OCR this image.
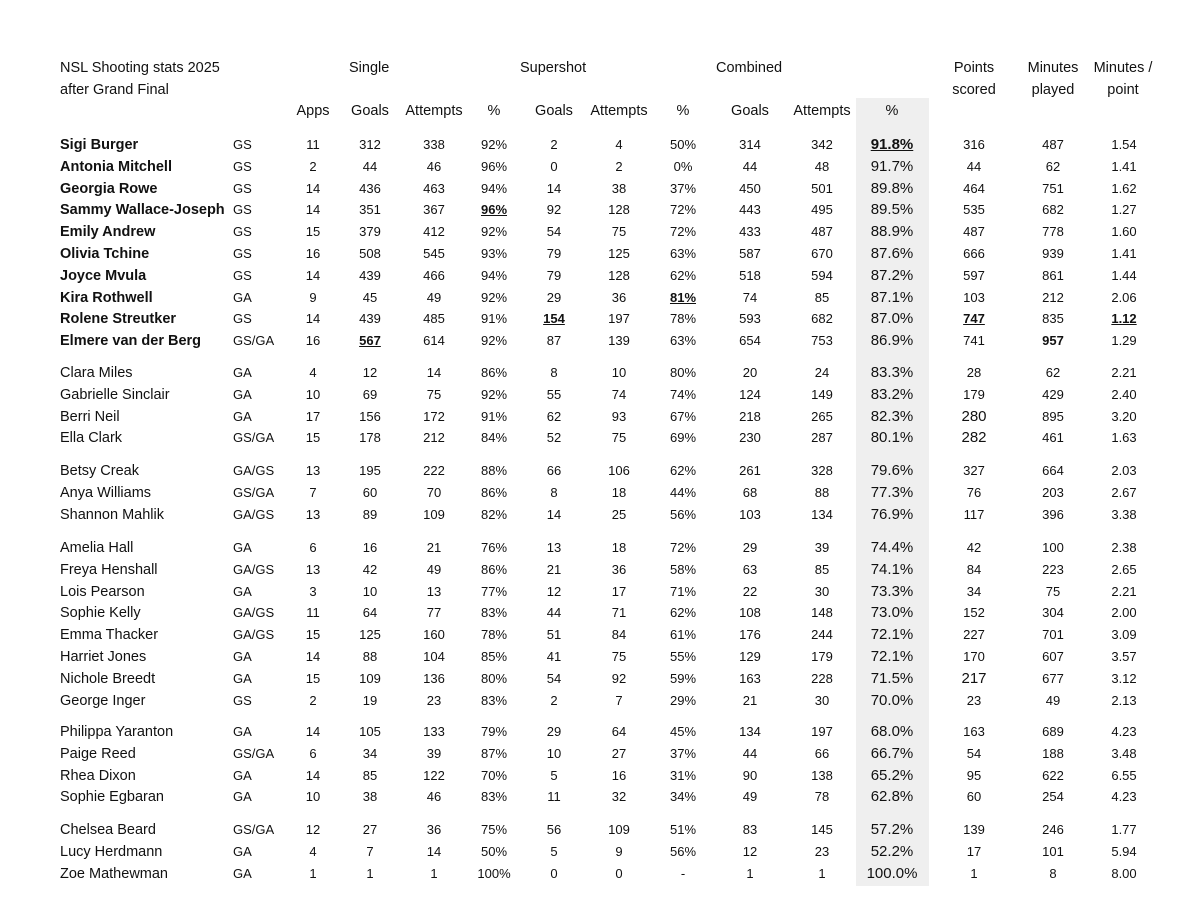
NSL Shooting stats 2025
after Grand Final
Single	Supershot	Combined	Points
scored
Minutes
played
Minutes /
point
Apps	Goals	Attempts	%	Goals	Attempts	%	Goals	Attempts	%
Sigi Burger	GS	11	312	338	92%	2	4	50%	314	342	91.8%	316	487	1.54
Antonia Mitchell	GS	2	44	46	96%	0	2	0%	44	48	91.7%	44	62	1.41
Georgia Rowe	GS	14	436	463	94%	14	38	37%	450	501	89.8%	464	751	1.62
Sammy Wallace-Joseph GS	14	351	367	96%	92	128	72%	443	495	89.5%	535	682	1.27
Emily Andrew	GS	15	379	412	92%	54	75	72%	433	487	88.9%	487	778	1.60
Olivia Tchine	GS	16	508	545	93%	79	125	63%	587	670	87.6%	666	939	1.41
Joyce Mvula	GS	14	439	466	94%	79	128	62%	518	594	87.2%	597	861	1.44
Kira Rothwell	GA	9	45	49	92%	29	36	81%	74	85	87.1%	103	212	2.06
Rolene Streutker	GS	14	439	485	91%	154	197	78%	593	682	87.0%	747	835	1.12
Elmere van der Berg GS/GA	16	567	614	92%	87	139	63%	654	753	86.9%	741	957	1.29
Clara Miles	GA	4	12	14	86%	8	10	80%	20	24	83.3%	28	62	2.21
Gabrielle Sinclair	GA	10	69	75	92%	55	74	74%	124	149	83.2%	179	429	2.40
Berri Neil	GA	17	156	172	91%	62	93	67%	218	265	82.3%	280	895	3.20
Ella Clark	GS/GA	15	178	212	84%	52	75	69%	230	287	80.1%	282	461	1.63
Betsy Creak	GA/GS	13	195	222	88%	66	106	62%	261	328	79.6%	327	664	2.03
Anya Williams	GS/GA	7	60	70	86%	8	18	44%	68	88	77.3%	76	203	2.67
Shannon Mahlik	GA/GS	13	89	109	82%	14	25	56%	103	134	76.9%	117	396	3.38
Amelia Hall	GA	6	16	21	76%	13	18	72%	29	39	74.4%	42	100	2.38
Freya Henshall	GA/GS	13	42	49	86%	21	36	58%	63	85	74.1%	84	223	2.65
Lois Pearson	GA	3	10	13	77%	12	17	71%	22	30	73.3%	34	75	2.21
Sophie Kelly	GA/GS	11	64	77	83%	44	71	62%	108	148	73.0%	152	304	2.00
Emma Thacker	GA/GS	15	125	160	78%	51	84	61%	176	244	72.1%	227	701	3.09
Harriet Jones	GA	14	88	104	85%	41	75	55%	129	179	72.1%	170	607	3.57
Nichole Breedt	GA	15	109	136	80%	54	92	59%	163	228	71.5%	217	677	3.12
George Inger	GS	2	19	23	83%	2	7	29%	21	30	70.0%	23	49	2.13
Philippa Yaranton	GA	14	105	133	79%	29	64	45%	134	197	68.0%	163	689	4.23
Paige Reed	GS/GA	6	34	39	87%	10	27	37%	44	66	66.7%	54	188	3.48
Rhea Dixon	GA	14	85	122	70%	5	16	31%	90	138	65.2%	95	622	6.55
Sophie Egbaran	GA	10	38	46	83%	11	32	34%	49	78	62.8%	60	254	4.23
Chelsea Beard	GS/GA	12	27	36	75%	56	109	51%	83	145	57.2%	139	246	1.77
Lucy Herdmann	GA	4	7	14	50%	5	9	56%	12	23	52.2%	17	101	5.94
Zoe Mathewman	GA	1	1	1	100%	0	0	-	1	1	100.0%	1	8	8.00
